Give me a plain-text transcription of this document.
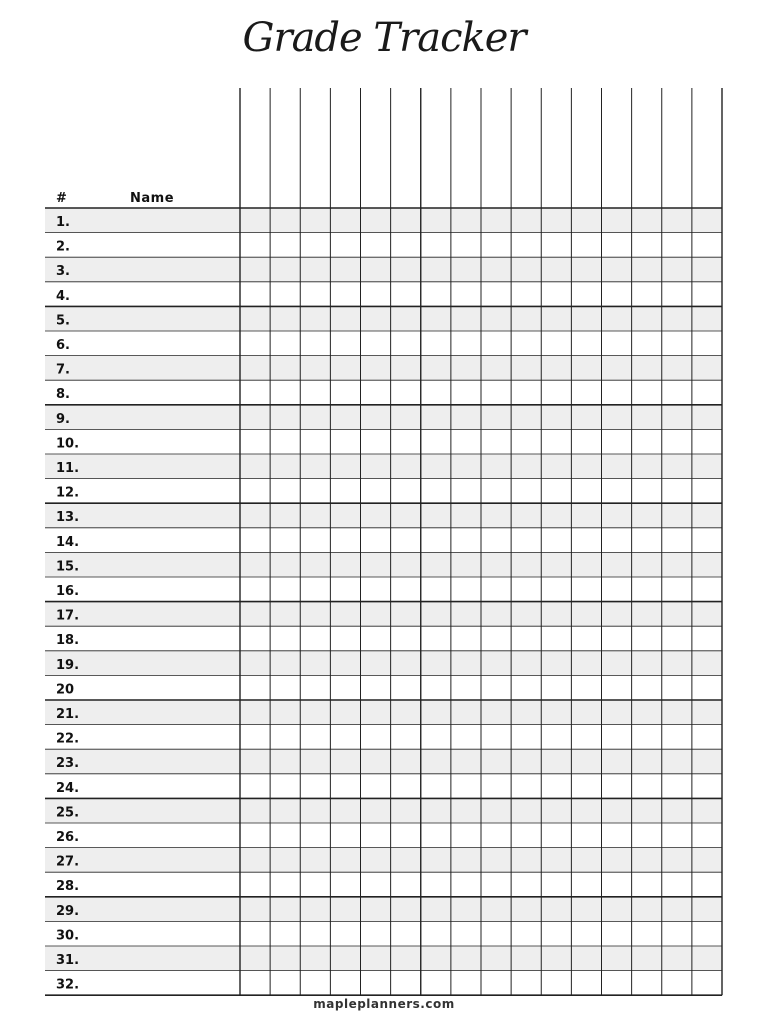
Grade Tracker
1.
2.
3.
4.
5.
6.
7.
8.
9.
10.
11.
12.
13.
14.
15.
16.
17.
18.
19.
20
21.
22.
23.
24.
25.
26.
27.
28.
29.
30.
31.
32.
#	Name
mapleplanners.com
